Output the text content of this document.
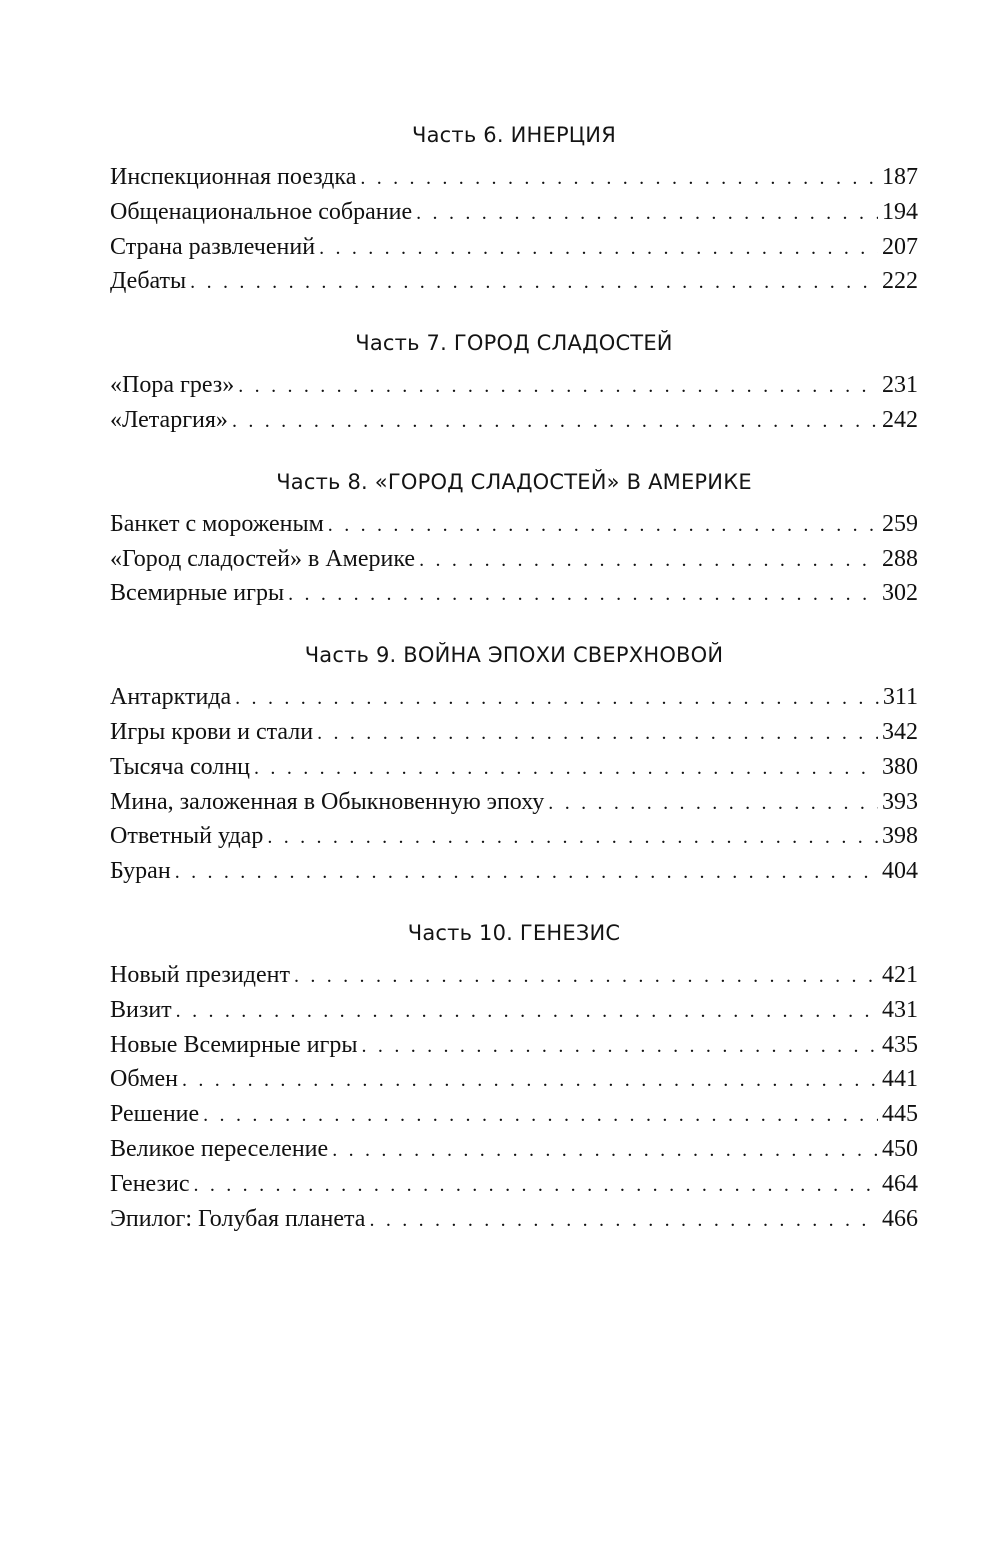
Часть 6. ИНЕРЦИЯ
Инспекционная поездка . . .	187
Общенациональное собрание . . .	194
Страна развлечений . . .	207
Дебаты . . .	222
Часть 7. ГОРОД СЛАДОСТЕЙ
«Пора грез» . . .	231
«Летаргия» . . .	242
Часть 8. «ГОРОД СЛАДОСТЕЙ» В АМЕРИКЕ
Банкет с мороженым . . .	259
«Город сладостей» в Америке . . .	288
Всемирные игры . . .	302
Часть 9. ВОЙНА ЭПОХИ СВЕРХНОВОЙ
Антарктида . . .	311
Игры крови и стали . . .	342
Тысяча солнц . . .	380
Мина, заложенная в Обыкновенную эпоху . . .	393
Ответный удар . . .	398
Буран . . .	404
Часть 10. ГЕНЕЗИС
Новый президент . . .	421
Визит . . .	431
Новые Всемирные игры . . .	435
Обмен . . .	441
Решение . . .	445
Великое переселение . . .	450
Генезис . . .	464
Эпилог: Голубая планета . . .	466
